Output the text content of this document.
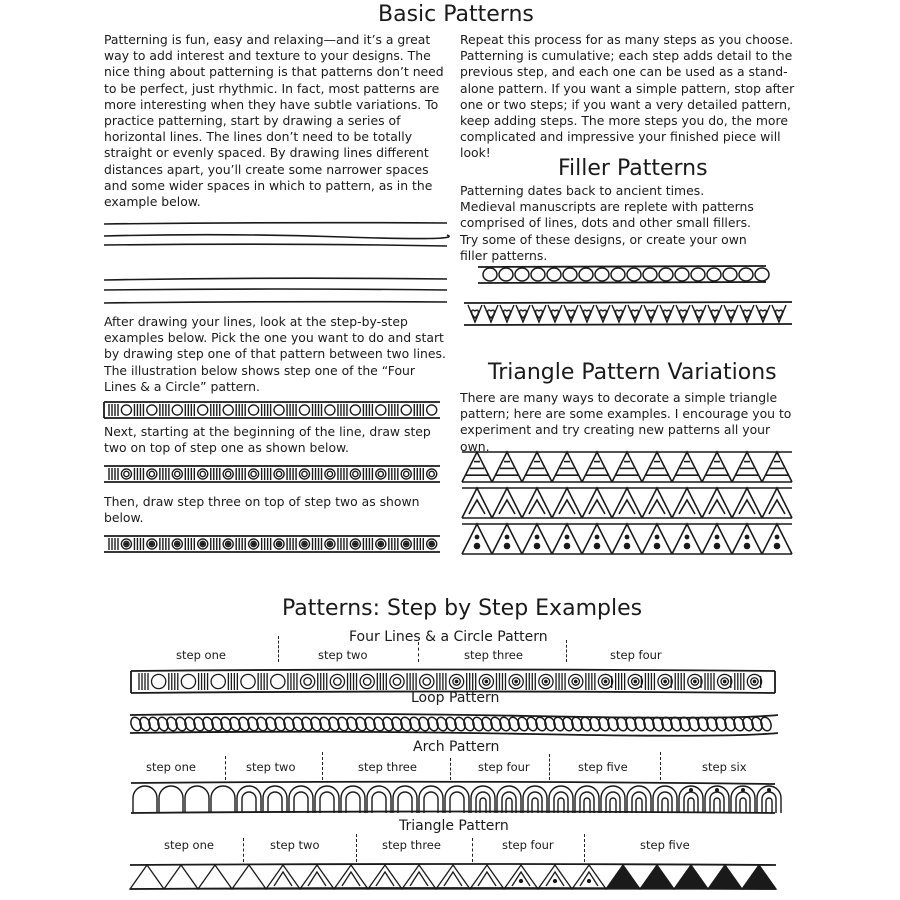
Basic Patterns

Patterning is fun, easy and relaxing—and it’s a great way to add interest and texture to your designs. The nice thing about patterning is that patterns don’t need to be perfect, just rhythmic. In fact, most patterns are more interesting when they have subtle variations. To practice patterning, start by drawing a series of horizontal lines. The lines don’t need to be totally straight or evenly spaced. By drawing lines different distances apart, you’ll create some narrower spaces and some wider spaces in which to pattern, as in the example below.

After drawing your lines, look at the step-by-step examples below. Pick the one you want to do and start by drawing step one of that pattern between two lines. The illustration below shows step one of the “Four Lines & a Circle” pattern.

Next, starting at the beginning of the line, draw step two on top of step one as shown below.
Then, draw step three on top of step two as shown below.

Repeat this process for as many steps as you choose. Patterning is cumulative; each step adds detail to the previous step, and each one can be used as a stand-alone pattern. If you want a simple pattern, stop after one or two steps; if you want a very detailed pattern, keep adding steps. The more steps you do, the more complicated and impressive your finished piece will look!

Filler Patterns

Patterning dates back to ancient times. Medieval manuscripts are replete with patterns comprised of lines, dots and other small fillers. Try some of these designs, or create your own filler patterns.

Triangle Pattern Variations

There are many ways to decorate a simple triangle pattern; here are some examples. I encourage you to experiment and try creating new patterns all your own.

Patterns: Step by Step Examples
Four Lines & a Circle Pattern
step one	step two	step three	step four
Loop Pattern
Arch Pattern
step one	step two	step three	step four	step five	step six
Triangle Pattern
step one	step two	step three	step four	step five
